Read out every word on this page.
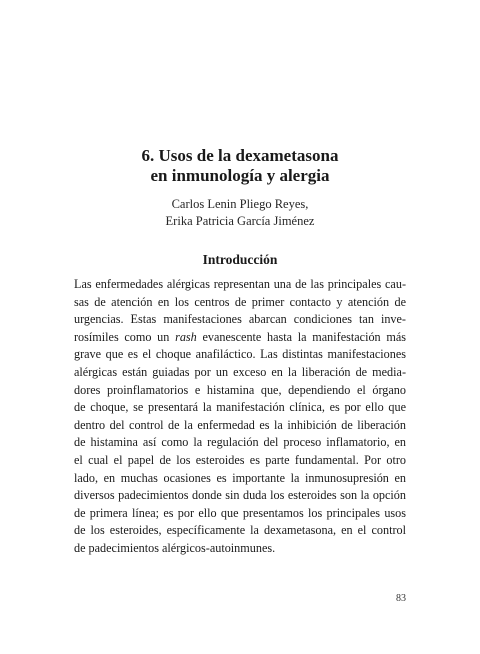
6. Usos de la dexametasona
en inmunología y alergia
Carlos Lenin Pliego Reyes,
Erika Patricia García Jiménez
Introducción
Las enfermedades alérgicas representan una de las principales cau-
sas de atención en los centros de primer contacto y atención de
urgencias. Estas manifestaciones abarcan condiciones tan inve-
rosímiles como un rash evanescente hasta la manifestación más
grave que es el choque anafiláctico. Las distintas manifestaciones
alérgicas están guiadas por un exceso en la liberación de media-
dores proinflamatorios e histamina que, dependiendo el órgano
de choque, se presentará la manifestación clínica, es por ello que
dentro del control de la enfermedad es la inhibición de liberación
de histamina así como la regulación del proceso inflamatorio, en
el cual el papel de los esteroides es parte fundamental. Por otro
lado, en muchas ocasiones es importante la inmunosupresión en
diversos padecimientos donde sin duda los esteroides son la opción
de primera línea; es por ello que presentamos los principales usos
de los esteroides, específicamente la dexametasona, en el control
de padecimientos alérgicos-autoinmunes.
83
